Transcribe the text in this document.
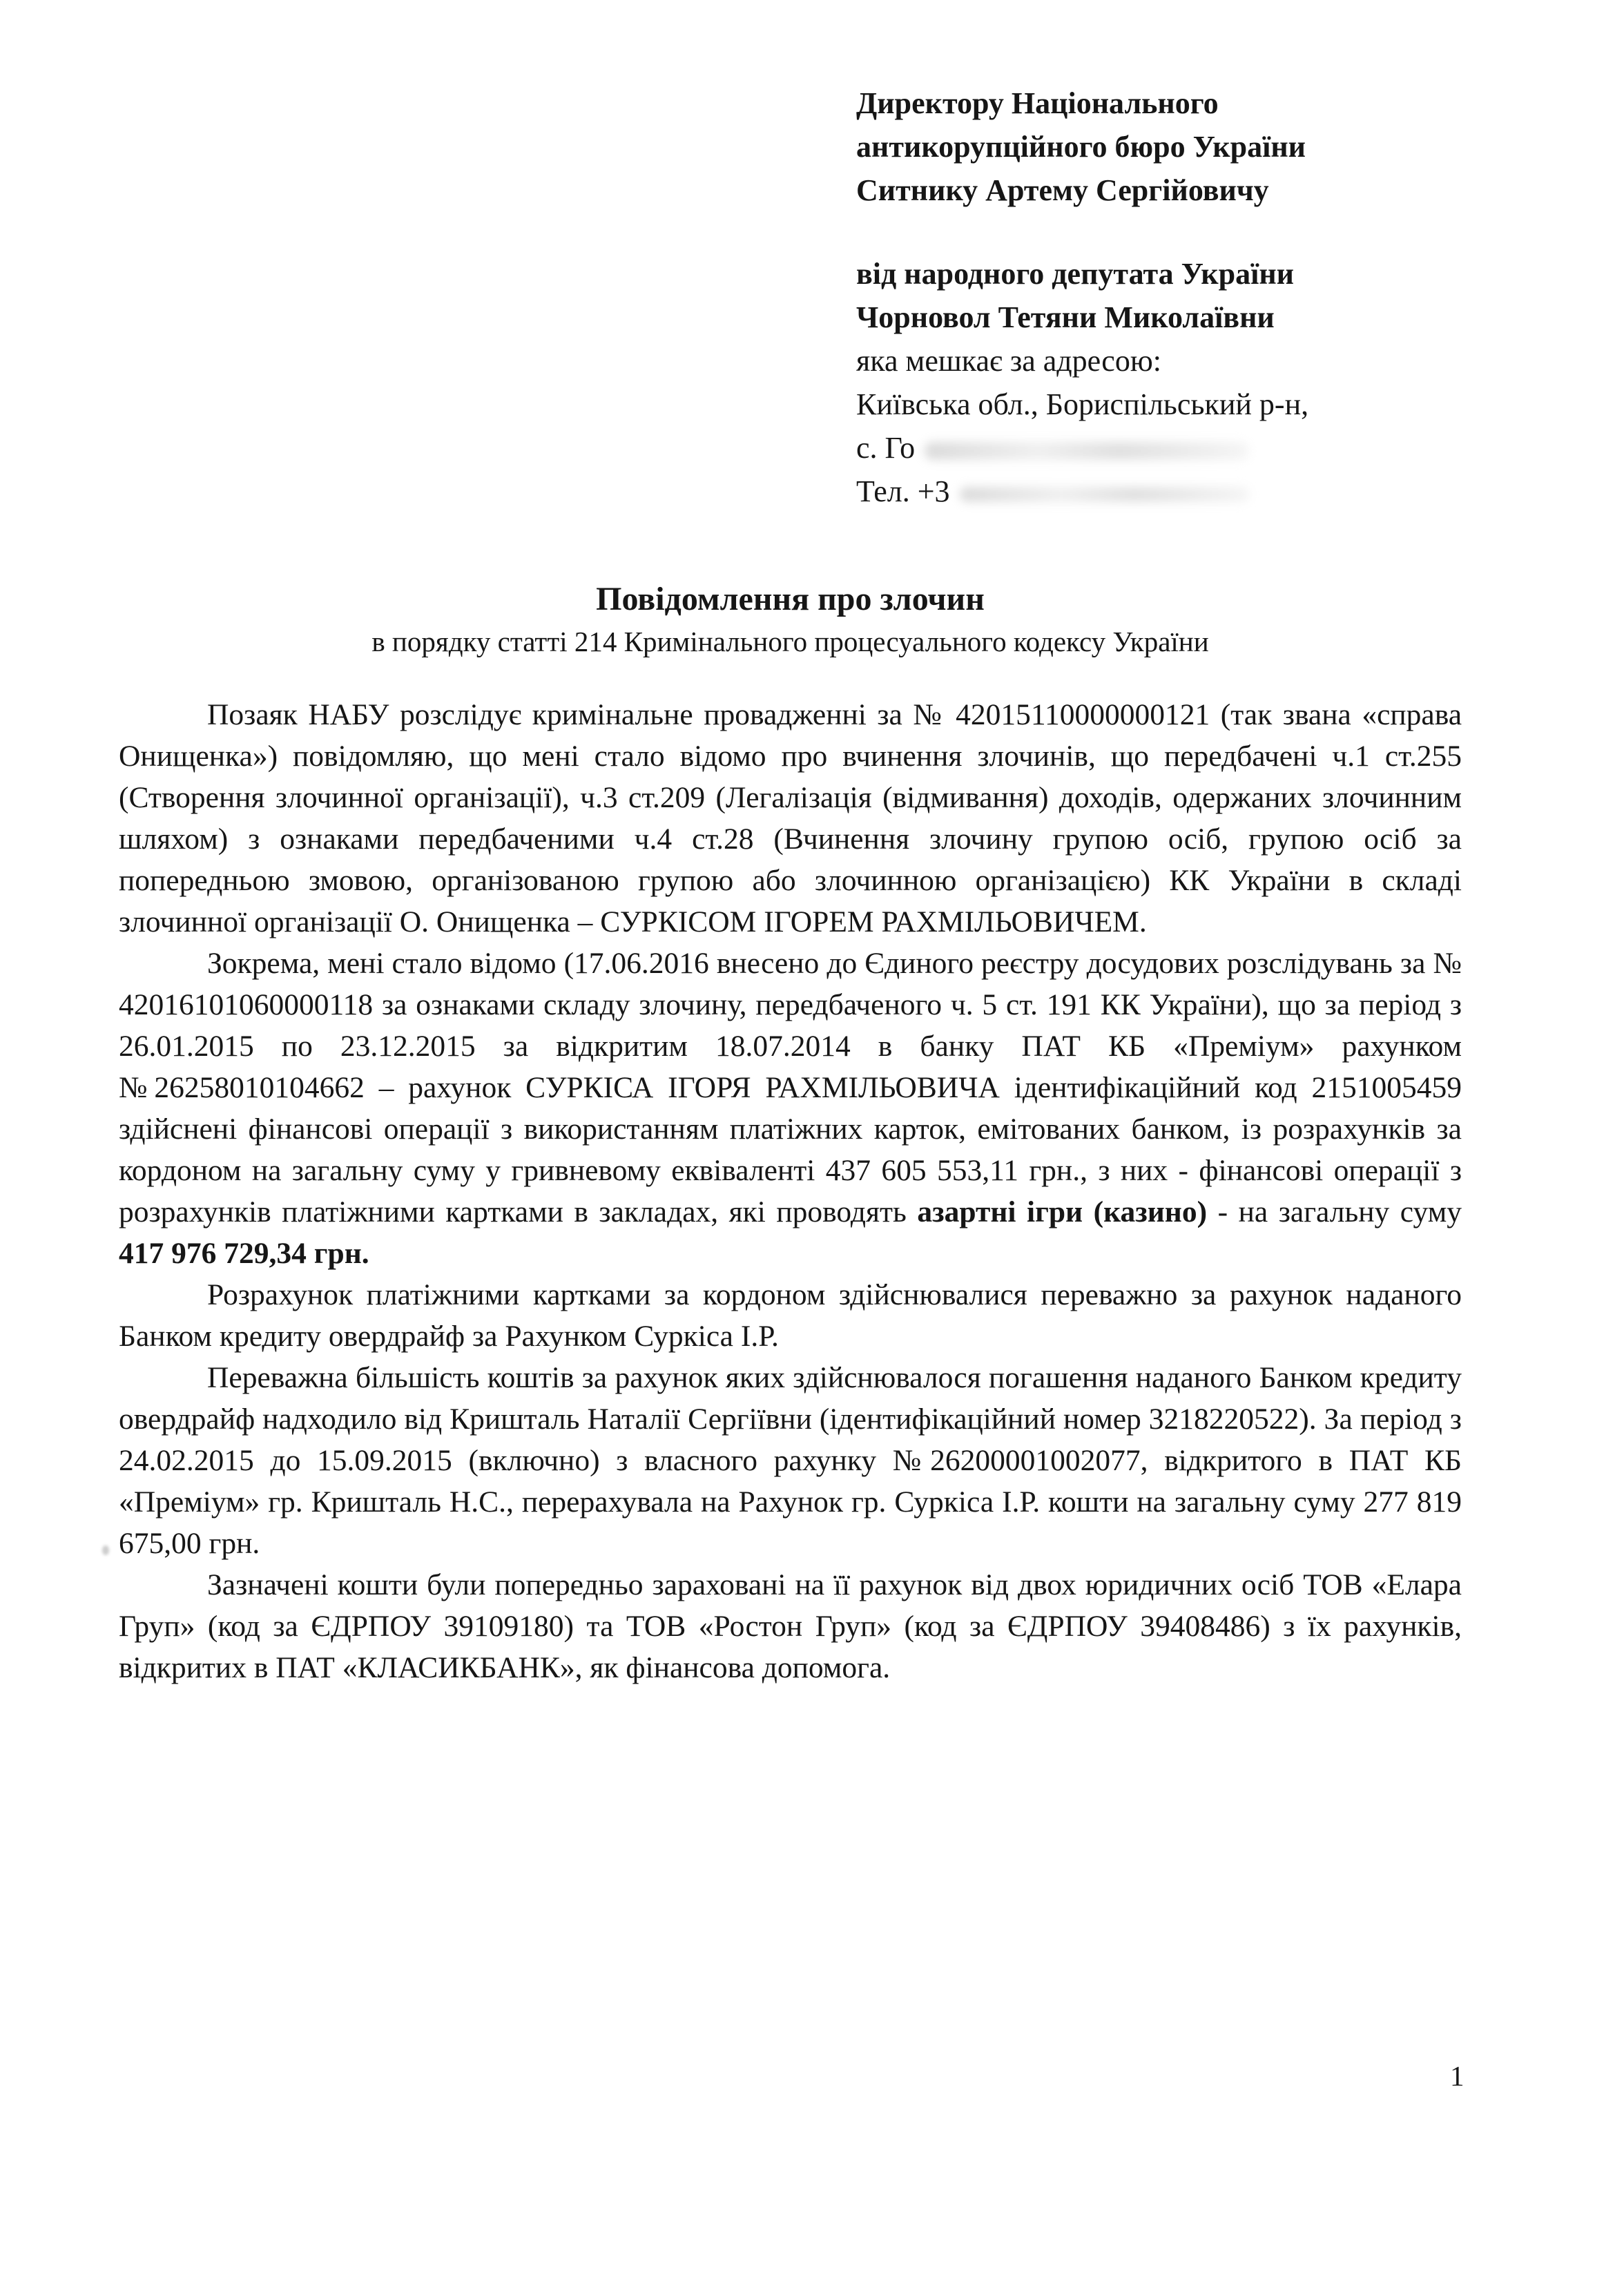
Директору Національного
антикорупційного бюро України
Ситнику Артему Сергійовичу
від народного депутата України
Чорновол Тетяни Миколаївни
яка мешкає за адресою:
Київська обл., Бориспільський р-н,
с. Го
Тел. +3

Повідомлення про злочин

в порядку статті 214 Кримінального процесуального кодексу України

Позаяк НАБУ розслідує кримінальне провадженні за № 42015110000000121 (так звана «справа Онищенка») повідомляю, що мені стало відомо про вчинення злочинів, що передбачені ч.1 ст.255 (Створення злочинної організації), ч.3 ст.209 (Легалізація (відмивання) доходів, одержаних злочинним шляхом) з ознаками передбаченими ч.4 ст.28 (Вчинення злочину групою осіб, групою осіб за попередньою змовою, організованою групою або злочинною організацією) КК України в складі злочинної організації О. Онищенка – СУРКІСОМ ІГОРЕМ РАХМІЛЬОВИЧЕМ.

Зокрема, мені стало відомо (17.06.2016 внесено до Єдиного реєстру досудових розслідувань за № 42016101060000118 за ознаками складу злочину, передбаченого ч. 5 ст. 191 КК України), що за період з 26.01.2015 по 23.12.2015 за відкритим 18.07.2014 в банку ПАТ КБ «Преміум» рахунком №26258010104662 – рахунок СУРКІСА ІГОРЯ РАХМІЛЬОВИЧА ідентифікаційний код 2151005459 здійснені фінансові операції з використанням платіжних карток, емітованих банком, із розрахунків за кордоном на загальну суму у гривневому еквіваленті 437 605 553,11 грн., з них - фінансові операції з розрахунків платіжними картками в закладах, які проводять азартні ігри (казино) - на загальну суму 417 976 729,34 грн.

Розрахунок платіжними картками за кордоном здійснювалися переважно за рахунок наданого Банком кредиту овердрайф за Рахунком Суркіса І.Р.

Переважна більшість коштів за рахунок яких здійснювалося погашення наданого Банком кредиту овердрайф надходило від Кришталь Наталії Сергіївни (ідентифікаційний номер 3218220522). За період з 24.02.2015 до 15.09.2015 (включно) з власного рахунку №26200001002077, відкритого в ПАТ КБ «Преміум» гр. Кришталь Н.С., перерахувала на Рахунок гр. Суркіса І.Р. кошти на загальну суму 277 819 675,00 грн.

Зазначені кошти були попередньо зараховані на її рахунок від двох юридичних осіб ТОВ «Елара Груп» (код за ЄДРПОУ 39109180) та ТОВ «Ростон Груп» (код за ЄДРПОУ 39408486) з їх рахунків, відкритих в ПАТ «КЛАСИКБАНК», як фінансова допомога.

1
